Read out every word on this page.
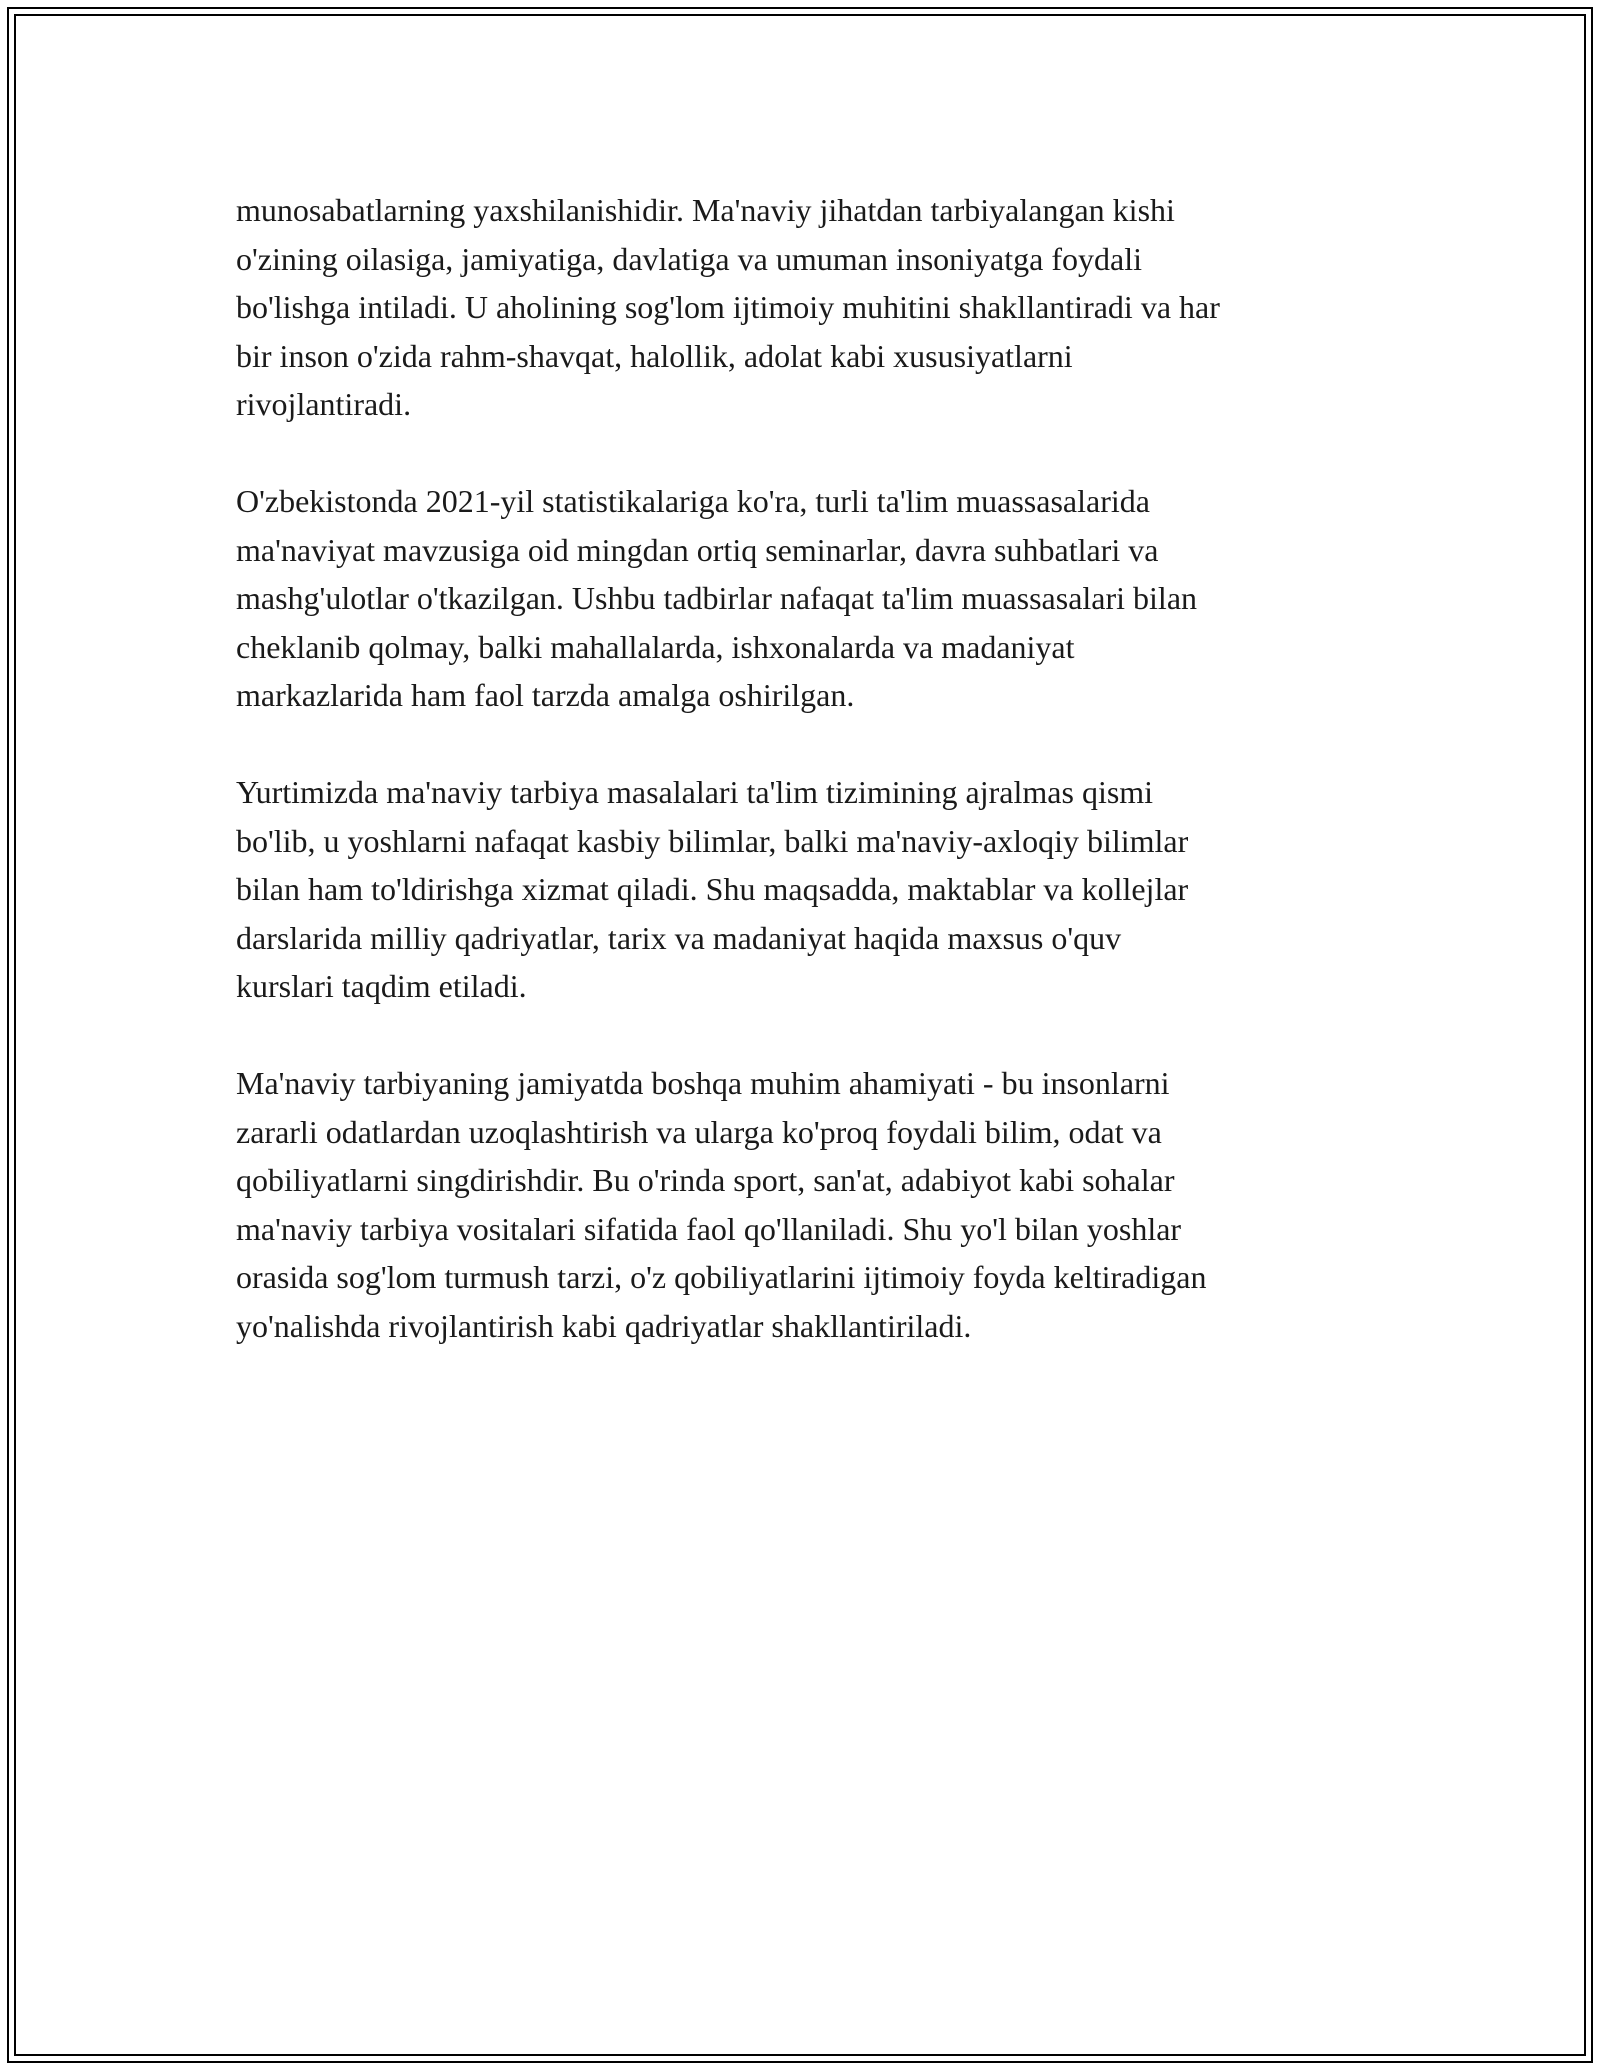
munosabatlarning yaxshilanishidir. Ma'naviy jihatdan tarbiyalangan kishi
o'zining oilasiga, jamiyatiga, davlatiga va umuman insoniyatga foydali
bo'lishga intiladi. U aholining sog'lom ijtimoiy muhitini shakllantiradi va har
bir inson o'zida rahm-shavqat, halollik, adolat kabi xususiyatlarni
rivojlantiradi.

O'zbekistonda 2021-yil statistikalariga ko'ra, turli ta'lim muassasalarida
ma'naviyat mavzusiga oid mingdan ortiq seminarlar, davra suhbatlari va
mashg'ulotlar o'tkazilgan. Ushbu tadbirlar nafaqat ta'lim muassasalari bilan
cheklanib qolmay, balki mahallalarda, ishxonalarda va madaniyat
markazlarida ham faol tarzda amalga oshirilgan.

Yurtimizda ma'naviy tarbiya masalalari ta'lim tizimining ajralmas qismi
bo'lib, u yoshlarni nafaqat kasbiy bilimlar, balki ma'naviy-axloqiy bilimlar
bilan ham to'ldirishga xizmat qiladi. Shu maqsadda, maktablar va kollejlar
darslarida milliy qadriyatlar, tarix va madaniyat haqida maxsus o'quv
kurslari taqdim etiladi.

Ma'naviy tarbiyaning jamiyatda boshqa muhim ahamiyati - bu insonlarni
zararli odatlardan uzoqlashtirish va ularga ko'proq foydali bilim, odat va
qobiliyatlarni singdirishdir. Bu o'rinda sport, san'at, adabiyot kabi sohalar
ma'naviy tarbiya vositalari sifatida faol qo'llaniladi. Shu yo'l bilan yoshlar
orasida sog'lom turmush tarzi, o'z qobiliyatlarini ijtimoiy foyda keltiradigan
yo'nalishda rivojlantirish kabi qadriyatlar shakllantiriladi.
